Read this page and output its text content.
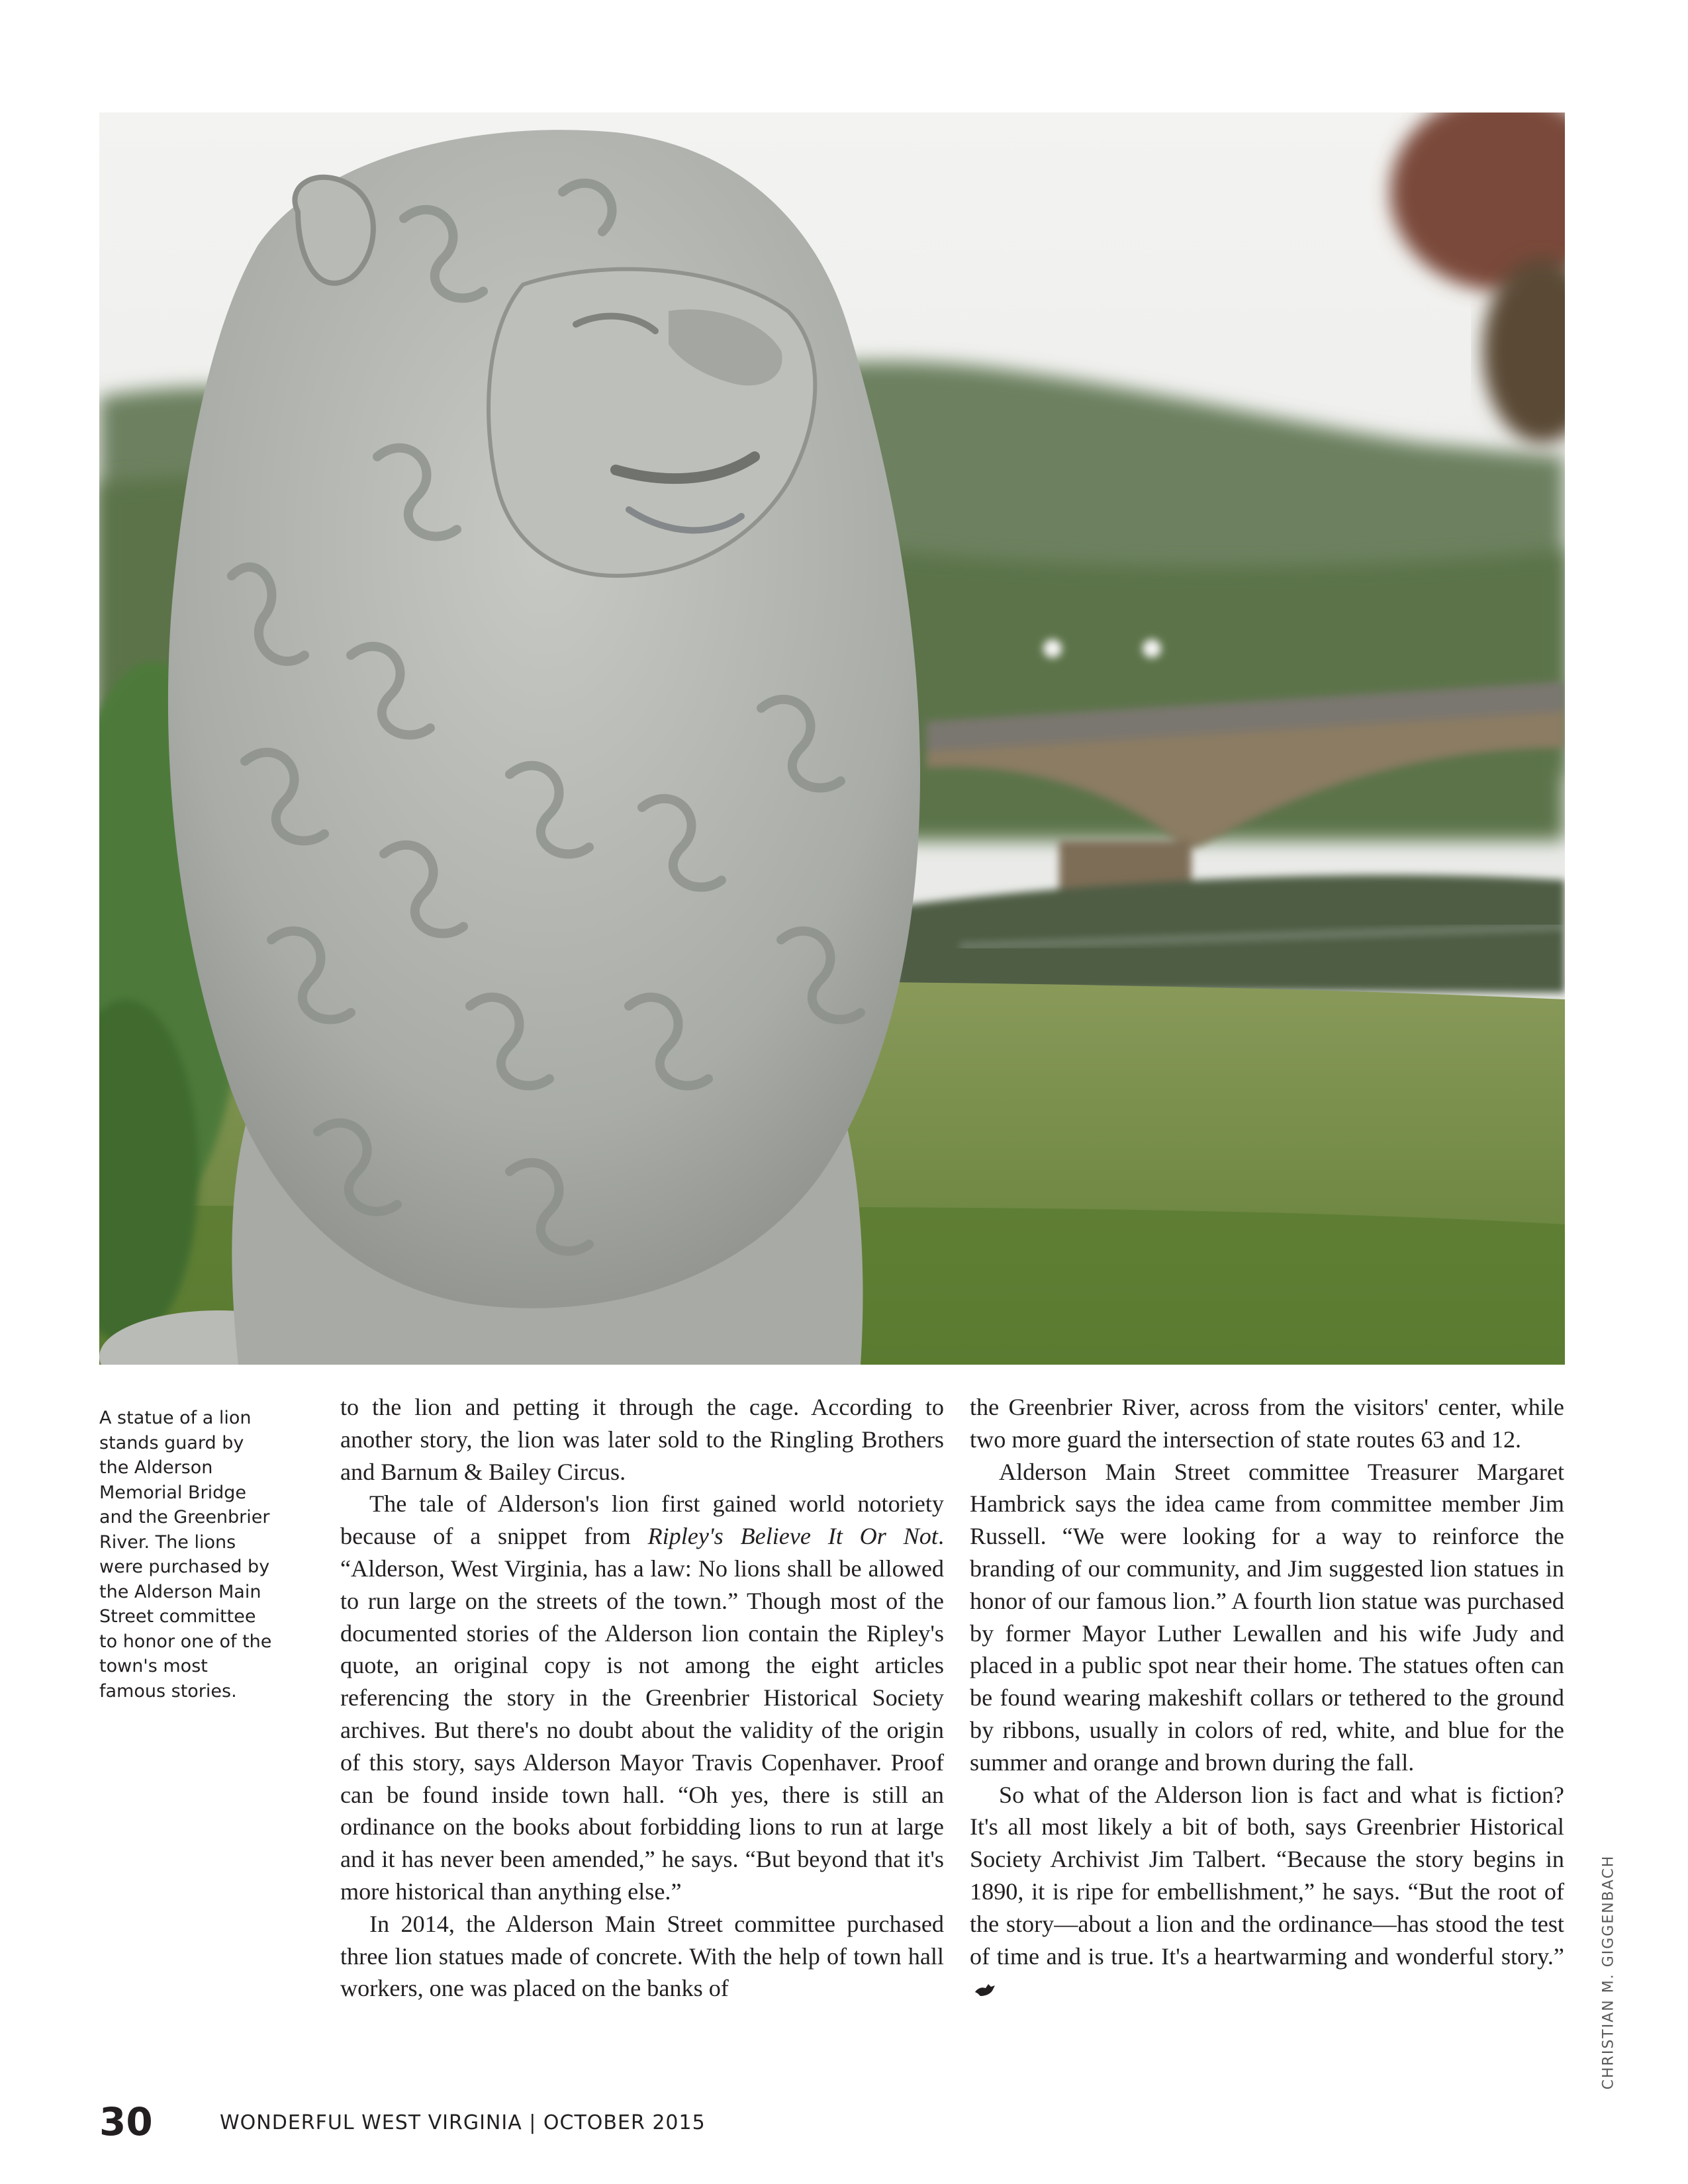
A statue of a lion stands guard by the Alderson Memorial Bridge and the Greenbrier River. The lions were purchased by the Alderson Main Street committee to honor one of the town's most famous stories.

to the lion and petting it through the cage. According to another story, the lion was later sold to the Ringling Brothers and Barnum & Bailey Circus.

The tale of Alderson's lion first gained world notoriety because of a snippet from Ripley's Believe It Or Not. “Alderson, West Virginia, has a law: No lions shall be allowed to run large on the streets of the town.” Though most of the documented stories of the Alderson lion contain the Ripley's quote, an original copy is not among the eight articles referencing the story in the Greenbrier Historical Society archives. But there's no doubt about the validity of the origin of this story, says Alderson Mayor Travis Copenhaver. Proof can be found inside town hall. “Oh yes, there is still an ordinance on the books about forbidding lions to run at large and it has never been amended,” he says. “But beyond that it's more historical than anything else.”

In 2014, the Alderson Main Street committee purchased three lion statues made of concrete. With the help of town hall workers, one was placed on the banks of

the Greenbrier River, across from the visitors' center, while two more guard the intersection of state routes 63 and 12.

Alderson Main Street committee Treasurer Margaret Hambrick says the idea came from committee member Jim Russell. “We were looking for a way to reinforce the branding of our community, and Jim suggested lion statues in honor of our famous lion.” A fourth lion statue was purchased by former Mayor Luther Lewallen and his wife Judy and placed in a public spot near their home. The statues often can be found wearing makeshift collars or tethered to the ground by ribbons, usually in colors of red, white, and blue for the summer and orange and brown during the fall.

So what of the Alderson lion is fact and what is fiction? It's all most likely a bit of both, says Greenbrier Historical Society Archivist Jim Talbert. “Because the story begins in 1890, it is ripe for embellishment,” he says. “But the root of the story—about a lion and the ordinance—has stood the test of time and is true. It's a heartwarming and wonderful story.” CHRISTIAN M. GIGGENBACH
30	WONDERFUL WEST VIRGINIA | OCTOBER 2015
